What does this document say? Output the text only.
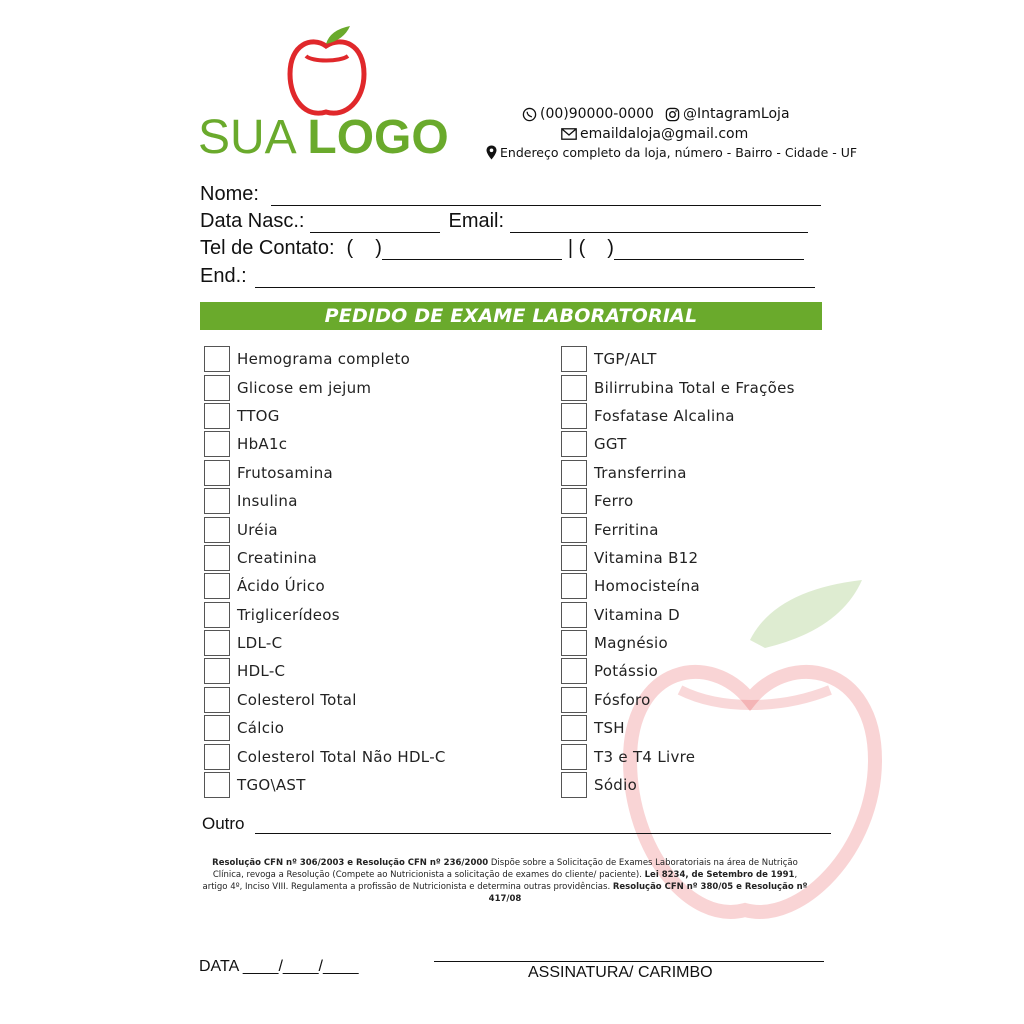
SUA LOGO	(00)90000-0000 @IntagramLoja
emaildaloja@gmail.com
Endereço completo da loja, número - Bairro - Cidade - UF
Nome:
Data Nasc.:	Email:
Tel de Contato: ( )	| ( )
End.:
PEDIDO DE EXAME LABORATORIAL
Hemograma completo
Glicose em jejum
TTOG
HbA1c
Frutosamina
Insulina
Uréia
Creatinina
Ácido Úrico
Triglicerídeos
LDL-C
HDL-C
Colesterol Total
Cálcio
Colesterol Total Não HDL-C
TGO\AST
TGP/ALT
Bilirrubina Total e Frações
Fosfatase Alcalina
GGT
Transferrina
Ferro
Ferritina
Vitamina B12
Homocisteína
Vitamina D
Magnésio
Potássio
Fósforo
TSH
T3 e T4 Livre
Sódio
Outro
Resolução CFN nº 306/2003 e Resolução CFN nº 236/2000 Dispõe sobre a Solicitação de Exames Laboratoriais na área de Nutrição Clínica, revoga a Resolução (Compete ao Nutricionista a solicitação de exames do cliente/ paciente). Lei 8234, de Setembro de 1991, artigo 4º, Inciso VIII. Regulamenta a profissão de Nutricionista e determina outras providências. Resolução CFN nº 380/05 e Resolução nº 417/08
DATA ____/____/____	ASSINATURA/ CARIMBO
